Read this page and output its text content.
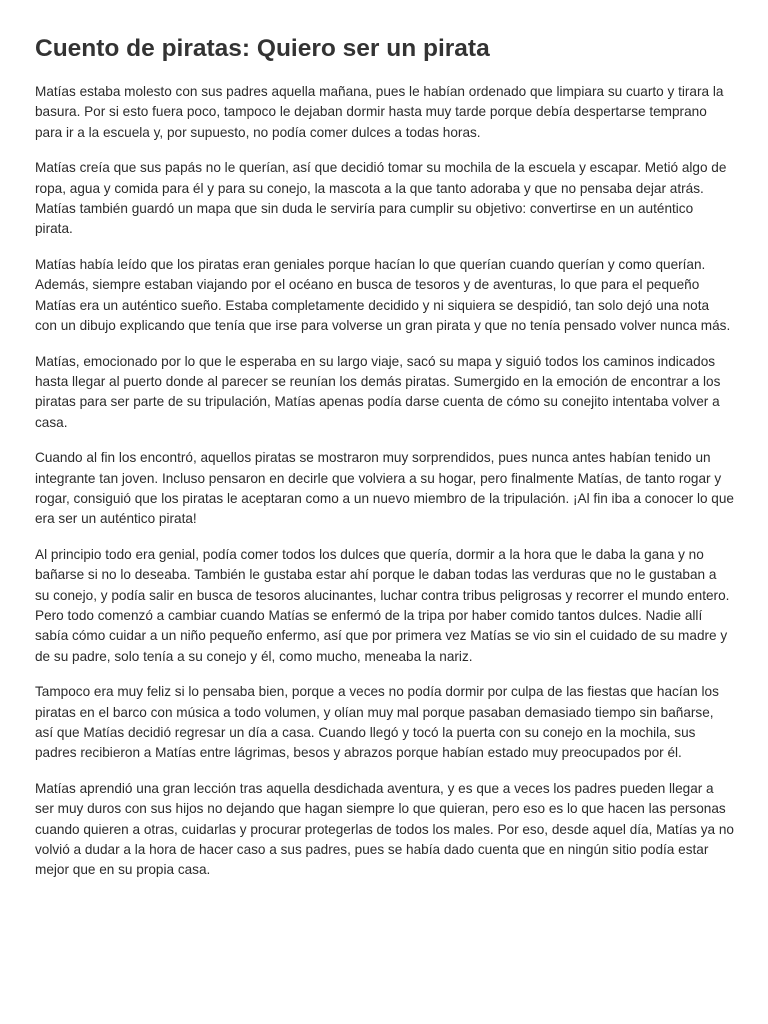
Cuento de piratas: Quiero ser un pirata

Matías estaba molesto con sus padres aquella mañana, pues le habían ordenado que limpiara su cuarto y tirara la basura. Por si esto fuera poco, tampoco le dejaban dormir hasta muy tarde porque debía despertarse temprano para ir a la escuela y, por supuesto, no podía comer dulces a todas horas.

Matías creía que sus papás no le querían, así que decidió tomar su mochila de la escuela y escapar. Metió algo de ropa, agua y comida para él y para su conejo, la mascota a la que tanto adoraba y que no pensaba dejar atrás. Matías también guardó un mapa que sin duda le serviría para cumplir su objetivo: convertirse en un auténtico pirata.

Matías había leído que los piratas eran geniales porque hacían lo que querían cuando querían y como querían. Además, siempre estaban viajando por el océano en busca de tesoros y de aventuras, lo que para el pequeño Matías era un auténtico sueño. Estaba completamente decidido y ni siquiera se despidió, tan solo dejó una nota con un dibujo explicando que tenía que irse para volverse un gran pirata y que no tenía pensado volver nunca más.

Matías, emocionado por lo que le esperaba en su largo viaje, sacó su mapa y siguió todos los caminos indicados hasta llegar al puerto donde al parecer se reunían los demás piratas. Sumergido en la emoción de encontrar a los piratas para ser parte de su tripulación, Matías apenas podía darse cuenta de cómo su conejito intentaba volver a casa.

Cuando al fin los encontró, aquellos piratas se mostraron muy sorprendidos, pues nunca antes habían tenido un integrante tan joven. Incluso pensaron en decirle que volviera a su hogar, pero finalmente Matías, de tanto rogar y rogar, consiguió que los piratas le aceptaran como a un nuevo miembro de la tripulación. ¡Al fin iba a conocer lo que era ser un auténtico pirata!

Al principio todo era genial, podía comer todos los dulces que quería, dormir a la hora que le daba la gana y no bañarse si no lo deseaba. También le gustaba estar ahí porque le daban todas las verduras que no le gustaban a su conejo, y podía salir en busca de tesoros alucinantes, luchar contra tribus peligrosas y recorrer el mundo entero. Pero todo comenzó a cambiar cuando Matías se enfermó de la tripa por haber comido tantos dulces. Nadie allí sabía cómo cuidar a un niño pequeño enfermo, así que por primera vez Matías se vio sin el cuidado de su madre y de su padre, solo tenía a su conejo y él, como mucho, meneaba la nariz.

Tampoco era muy feliz si lo pensaba bien, porque a veces no podía dormir por culpa de las fiestas que hacían los piratas en el barco con música a todo volumen, y olían muy mal porque pasaban demasiado tiempo sin bañarse, así que Matías decidió regresar un día a casa. Cuando llegó y tocó la puerta con su conejo en la mochila, sus padres recibieron a Matías entre lágrimas, besos y abrazos porque habían estado muy preocupados por él.

Matías aprendió una gran lección tras aquella desdichada aventura, y es que a veces los padres pueden llegar a ser muy duros con sus hijos no dejando que hagan siempre lo que quieran, pero eso es lo que hacen las personas cuando quieren a otras, cuidarlas y procurar protegerlas de todos los males. Por eso, desde aquel día, Matías ya no volvió a dudar a la hora de hacer caso a sus padres, pues se había dado cuenta que en ningún sitio podía estar mejor que en su propia casa.
